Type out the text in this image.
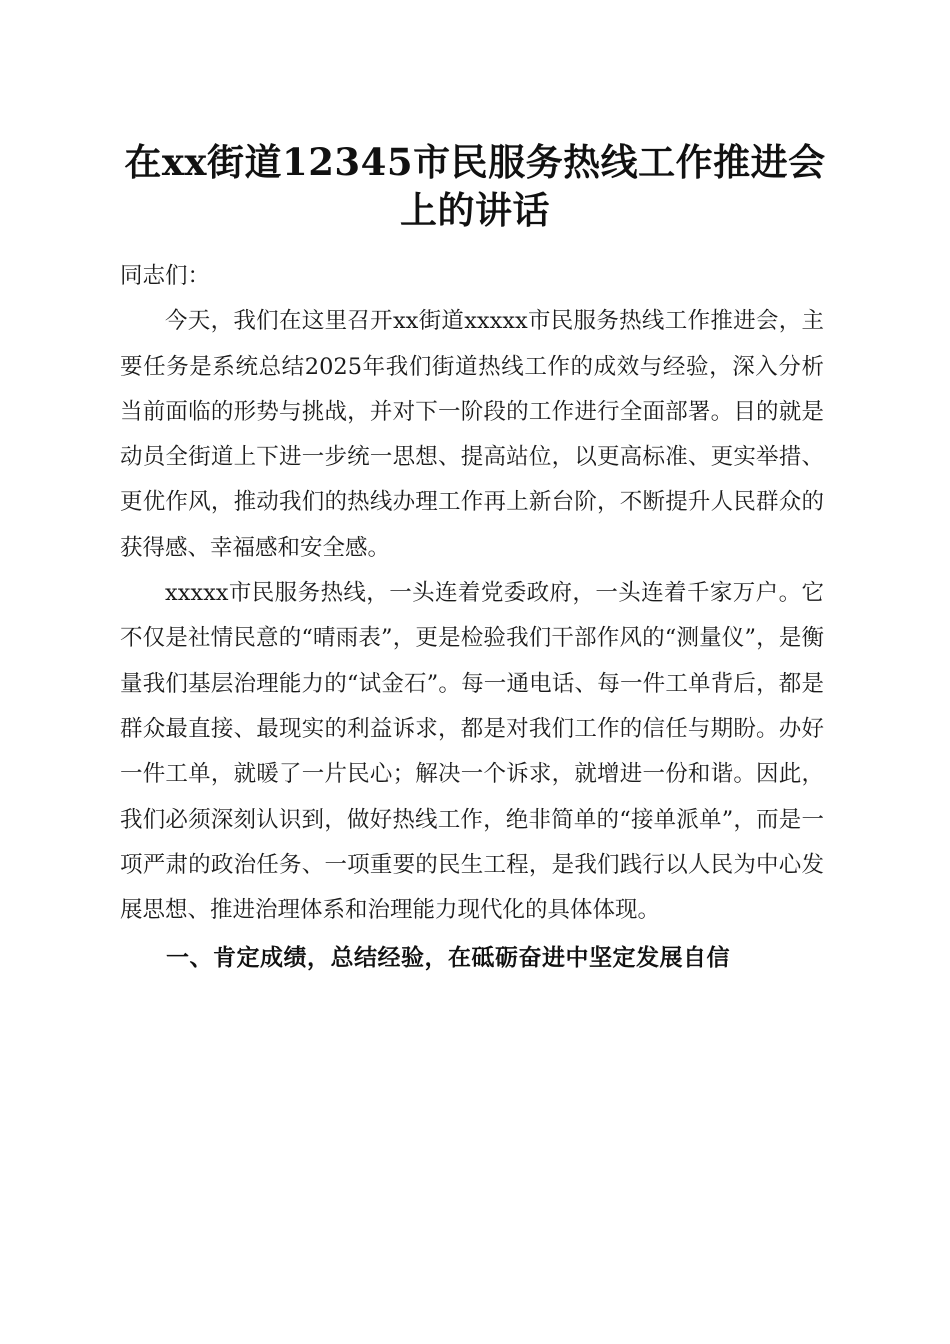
在xx街道12345市民服务热线工作推进会上的讲话

同志们：

今天，我们在这里召开xx街道xxxxx市民服务热线工作推进会，主要任务是系统总结2025年我们街道热线工作的成效与经验，深入分析当前面临的形势与挑战，并对下一阶段的工作进行全面部署。目的就是动员全街道上下进一步统一思想、提高站位，以更高标准、更实举措、更优作风，推动我们的热线办理工作再上新台阶，不断提升人民群众的获得感、幸福感和安全感。

xxxxx市民服务热线，一头连着党委政府，一头连着千家万户。它不仅是社情民意的“晴雨表”，更是检验我们干部作风的“测量仪”，是衡量我们基层治理能力的“试金石”。每一通电话、每一件工单背后，都是群众最直接、最现实的利益诉求，都是对我们工作的信任与期盼。办好一件工单，就暖了一片民心；解决一个诉求，就增进一份和谐。因此，我们必须深刻认识到，做好热线工作，绝非简单的“接单派单”，而是一项严肃的政治任务、一项重要的民生工程，是我们践行以人民为中心发展思想、推进治理体系和治理能力现代化的具体体现。

一、肯定成绩，总结经验，在砥砺奋进中坚定发展自信
